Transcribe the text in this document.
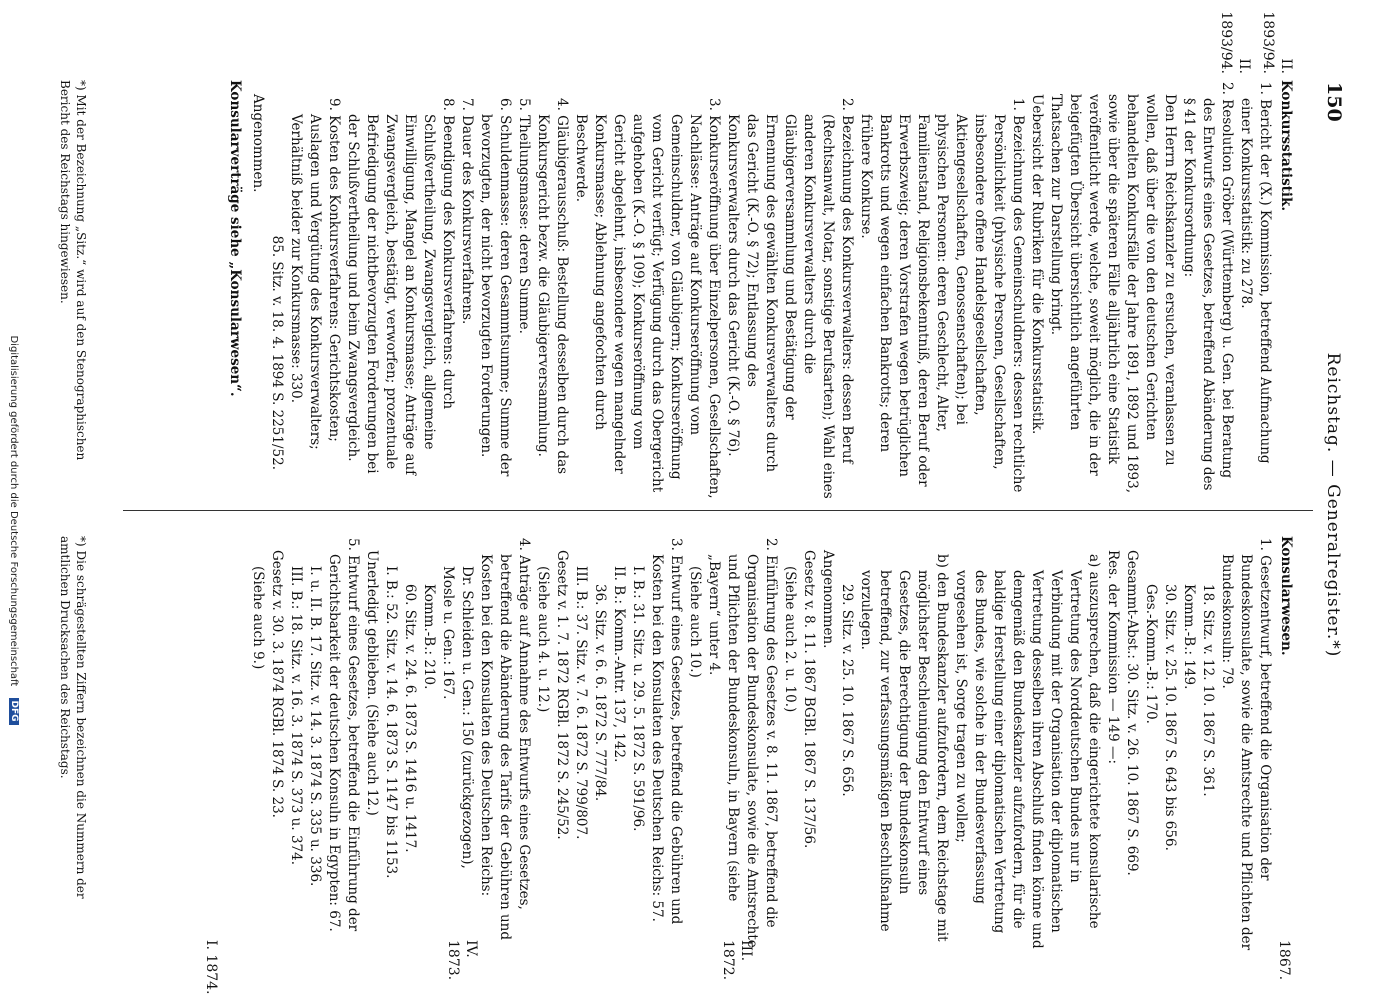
150
Reichstag. — Generalregister.*)
Konkursstatistik.
1. Bericht der (X.) Kommission, betreffend Aufmachung einer Konkursstatistik: zu 278.
2. Resolution Gröber (Württemberg) u. Gen. bei Beratung des Entwurfs eines Gesetzes, betreffend Abänderung des § 41 der Konkursordnung:
Den Herrn Reichskanzler zu ersuchen, veranlassen zu wollen, daß über die von den deutschen Gerichten behandelten Konkursfälle der Jahre 1891, 1892 und 1893, sowie über die späteren Fälle alljährlich eine Statistik veröffentlicht werde, welche, soweit möglich, die in der beigefügten Übersicht übersichtlich angeführten Thatsachen zur Darstellung bringt.
Uebersicht der Rubriken für die Konkursstatistik.
1. Bezeichnung des Gemeinschuldners: dessen rechtliche Persönlichkeit (physische Personen, Gesellschaften, insbesondere offene Handelsgesellschaften, Aktiengesellschaften, Genossenschaften); bei physischen Personen: deren Geschlecht, Alter, Familienstand, Religionsbekenntniß, deren Beruf oder Erwerbszweig; deren Vorstrafen wegen betrüglichen Bankrotts und wegen einfachen Bankrotts; deren frühere Konkurse.
2. Bezeichnung des Konkursverwalters: dessen Beruf (Rechtsanwalt, Notar, sonstige Berufsarten); Wahl eines anderen Konkursverwalters durch die Gläubigerversammlung und Bestätigung der Ernennung des gewählten Konkursverwalters durch das Gericht (K.-O. § 72); Entlassung des Konkursverwalters durch das Gericht (K.-O. § 76).
3. Konkurseröffnung über Einzelpersonen, Gesellschaften, Nachlässe: Anträge auf Konkurseröffnung vom Gemeinschuldner, von Gläubigern; Konkurseröffnung vom Gericht verfügt; Verfügung durch das Obergericht aufgehoben (K.-O. § 109); Konkurseröffnung vom Gericht abgelehnt, insbesondere wegen mangelnder Konkursmasse; Ablehnung angefochten durch Beschwerde.
4. Gläubigerausschuß: Bestellung desselben durch das Konkursgericht bezw. die Gläubigerversammlung.
5. Theilungsmasse: deren Summe.
6. Schuldenmasse: deren Gesammtsumme; Summe der bevorzugten, der nicht bevorzugten Forderungen.
7. Dauer des Konkursverfahrens.
8. Beendigung des Konkursverfahrens: durch Schlußvertheilung, Zwangsvergleich, allgemeine Einwilligung, Mangel an Konkursmasse; Anträge auf Zwangsvergleich, bestätigt, verworfen; prozentuale Befriedigung der nichtbevorzugten Forderungen bei der Schlußvertheilung und beim Zwangsvergleich.
9. Kosten des Konkursverfahrens: Gerichtskosten; Auslagen und Vergütung des Konkursverwalters; Verhältniß beider zur Konkursmasse: 330.
85. Sitz. v. 18. 4. 1894 S. 2251/52.
Angenommen.
Konsularverträge siehe „Konsularwesen“.
Konsularwesen.
1. Gesetzentwurf, betreffend die Organisation der Bundeskonsulate, sowie die Amtsrechte und Pflichten der Bundeskonsuln: 79.
18. Sitz. v. 12. 10. 1867 S. 361.
Komm.-B.: 149.
30. Sitz. v. 25. 10. 1867 S. 643 bis 656.
Ges.-Komm.-B.: 170.
Gesammt-Abst.: 30. Sitz. v. 26. 10. 1867 S. 669.
Res. der Kommission — 149 —:
a) auszusprechen, daß die eingerichtete konsularische Vertretung des Norddeutschen Bundes nur in Verbindung mit der Organisation der diplomatischen Vertretung desselben ihren Abschluß finden könne und demgemäß den Bundeskanzler aufzufordern, für die baldige Herstellung einer diplomatischen Vertretung des Bundes, wie solche in der Bundesverfassung vorgesehen ist, Sorge tragen zu wollen;
b) den Bundeskanzler aufzufordern, dem Reichstage mit möglichster Beschleunigung den Entwurf eines Gesetzes, die Berechtigung der Bundeskonsuln betreffend, zur verfassungsmäßigen Beschlußnahme vorzulegen.
29. Sitz. v. 25. 10. 1867 S. 656.
Angenommen.
Gesetz v. 8. 11. 1867 BGBl. 1867 S. 137/56.
(Siehe auch 2. u. 10.)
2. Einführung des Gesetzes v. 8. 11. 1867, betreffend die Organisation der Bundeskonsulate, sowie die Amtsrechte und Pflichten der Bundeskonsuln, in Bayern (siehe „Bayern“ unter 4.
(Siehe auch 10.)
3. Entwurf eines Gesetzes, betreffend die Gebühren und Kosten bei den Konsulaten des Deutschen Reichs: 57.
I. B.: 31. Sitz. u. 29. 5. 1872 S. 591/96.
II. B.: Komm.-Antr. 137, 142.
36. Sitz. v. 6. 6. 1872 S. 777/84.
III. B.: 37. Sitz. v. 7. 6. 1872 S. 799/807.
Gesetz v. 1. 7. 1872 RGBl. 1872 S. 245/52.
(Siehe auch 4. u. 12.)
4. Anträge auf Annahme des Entwurfs eines Gesetzes, betreffend die Abänderung des Tarifs der Gebühren und Kosten bei den Konsulaten des Deutschen Reichs:
Dr. Schleiden u. Gen.: 150 (zurückgezogen),
Mosle u. Gen.: 167.
Komm.-B.: 210.
60. Sitz. v. 24. 6. 1873 S. 1416 u. 1417.
I. B.: 52. Sitz. v. 14. 6. 1873 S. 1147 bis 1153.
Unerledigt geblieben. (Siehe auch 12.)
5. Entwurf eines Gesetzes, betreffend die Einführung der Gerichtsbarkeit der deutschen Konsuln in Egypten: 67.
I. u. II. B. 17. Sitz. v. 14. 3. 1874 S. 335 u. 336.
III. B.: 18. Sitz. v. 16. 3. 1874 S. 373 u. 374.
Gesetz v. 30. 3. 1874 RGBl. 1874 S. 23.
(Siehe auch 9.)
II. 1893/94.
II. 1893/94.
1867.
III. 1872.
IV. 1873.
I. 1874.
*) Mit der Bezeichnung „Sitz.“ wird auf den Stenographischen Bericht des Reichstags hingewiesen.
*) Die schrägestellten Ziffern bezeichnen die Nummern der amtlichen Drucksachen des Reichstags.
Digitalisierung gefördert durch die Deutsche Forschungsgemeinschaft DFG
